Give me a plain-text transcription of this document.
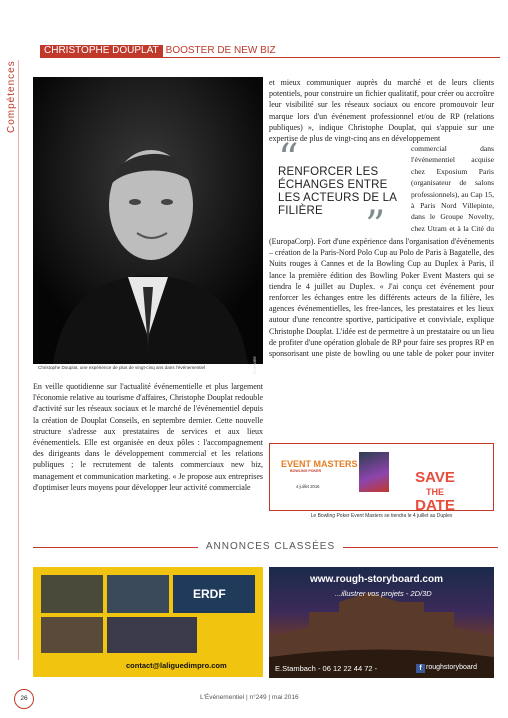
Compétences
CHRISTOPHE DOUPLAT BOOSTER DE NEW BIZ
Christophe Douplat, une expérience de plus de vingt-cinq ans dans l'événementiel	© DEBORE
et mieux communiquer auprès du marché et de leurs clients potentiels, pour construire un fichier qualitatif, pour créer ou accroître leur visibilité sur les réseaux sociaux ou encore promouvoir leur marque lors d'un événement professionnel et/ou de RP (relations publiques) », indique Christophe Douplat, qui s'appuie sur une expertise de plus de vingt-cinq ans en développement
“
RENFORCER LES ÉCHANGES ENTRE LES ACTEURS DE LA FILIÈRE	”
commercial dans l'événementiel acquise chez Exposium Paris (organisateur de salons professionnels), au Cap 15, à Paris Nord Villepinte, dans le Groupe Novelty, chez Utram et à la Cité du
(EuropaCorp). Fort d'une expérience dans l'organisation d'événements – création de la Paris-Nord Polo Cup au Polo de Paris à Bagatelle, des Nuits rouges à Cannes et de la Bowling Cup au Duplex à Paris, il lance la première édition des Bowling Poker Event Masters qui se tiendra le 4 juillet au Duplex. « J'ai conçu cet événement pour renforcer les échanges entre les différents acteurs de la filière, les agences événementielles, les free-lances, les prestataires et les lieux autour d'une rencontre sportive, participative et conviviale, explique Christophe Douplat. L'idée est de permettre à un prestataire ou un lieu de profiter d'une opération globale de RP pour faire ses propres RP en sponsorisant une piste de bowling ou une table de poker pour inviter
En veille quotidienne sur l'actualité événementielle et plus largement l'économie relative au tourisme d'affaires, Christophe Douplat redouble d'activité sur les réseaux sociaux et le marché de l'événementiel depuis la création de Douplat Conseils, en septembre dernier. Cette nouvelle structure s'adresse aux prestataires de services et aux lieux événementiels. Elle est organisée en deux pôles : l'accompagnement des dirigeants dans le développement commercial et les relations publiques ; le recrutement de talents commerciaux new biz, management et communication marketing. « Je propose aux entreprises d'optimiser leurs moyens pour développer leur activité commerciale
EVENT MASTERS
BOWLING POKER
4 juillet 2016
SAVE
THE
DATE
Le Bowling Poker Event Masters se tiendra le 4 juillet au Duplex
ANNONCES CLASSÉES
ERDF
contact@laliguedimpro.com
www.rough-storyboard.com
...illustrer vos projets - 2D/3D
E.Stambach - 06 12 22 44 72 -	f roughstoryboard
26	L'Événementiel | n°249 | mai 2016
